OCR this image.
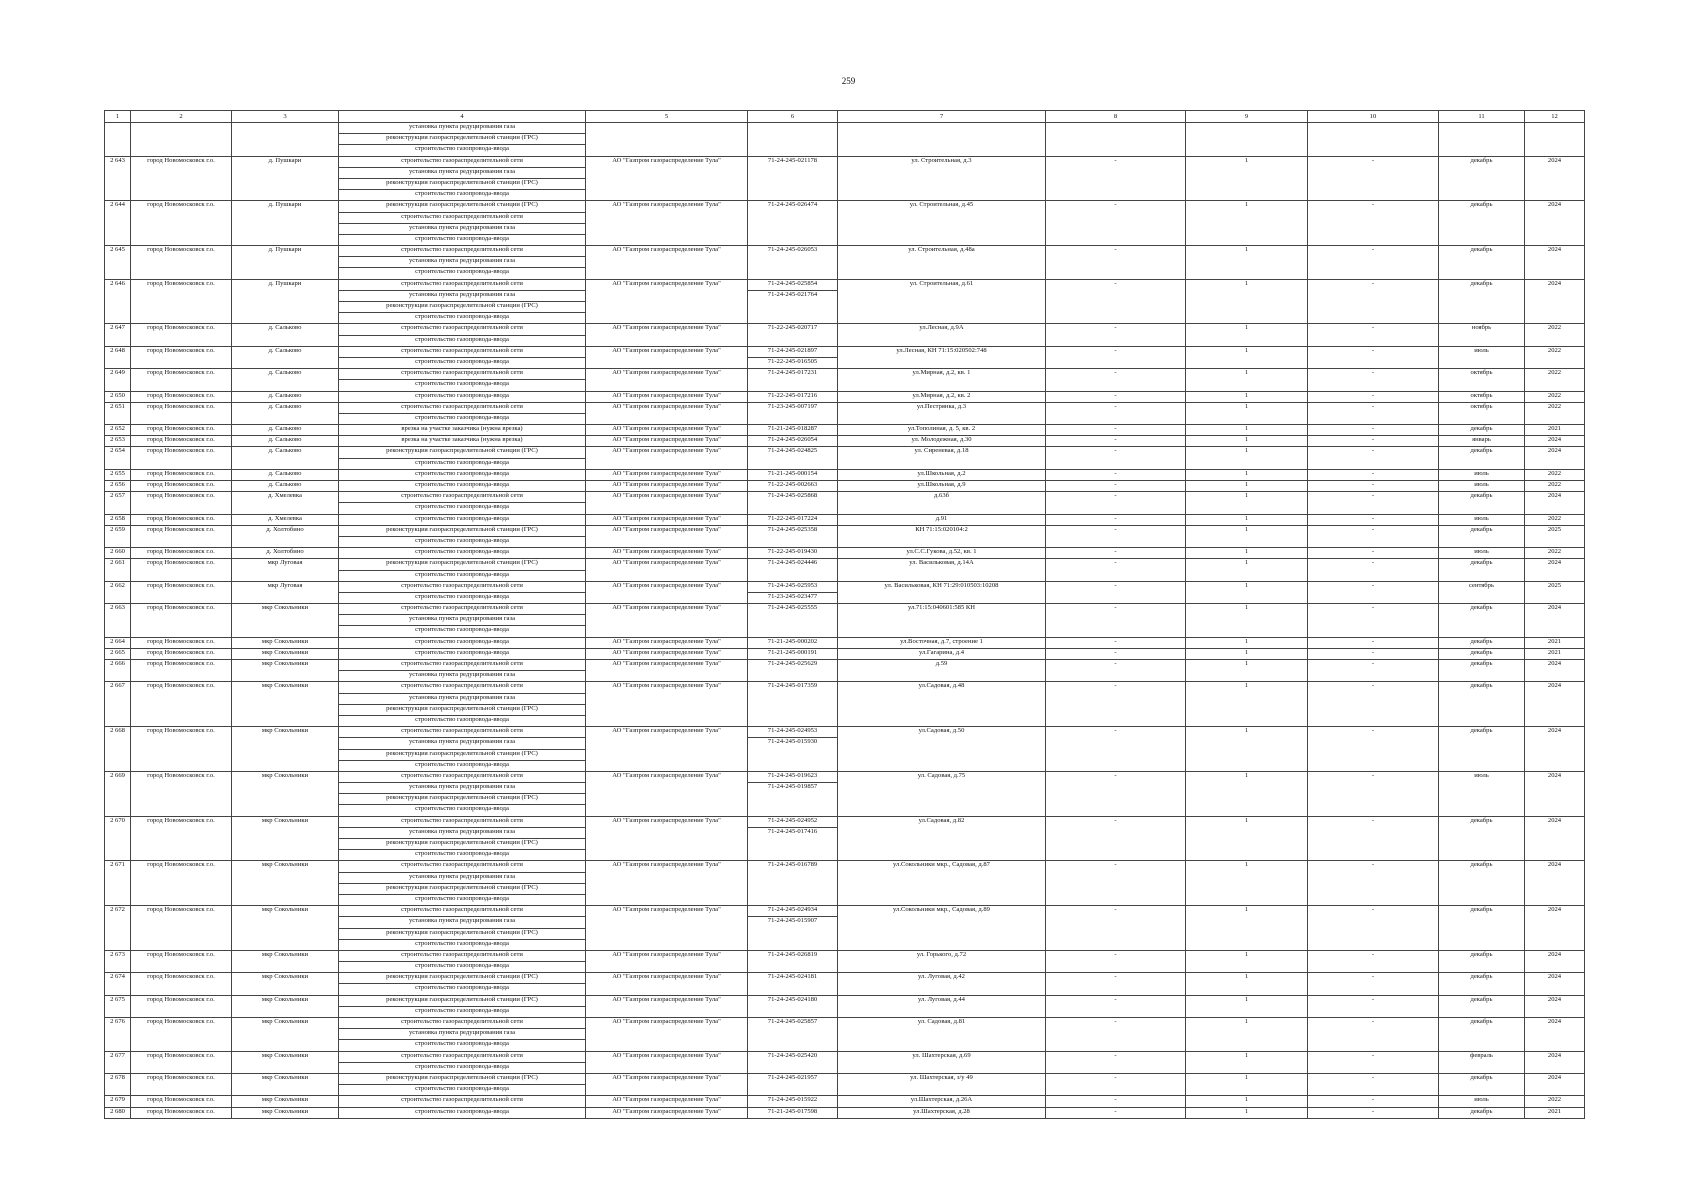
259
1	2	3	4	5	6	7	8	9	10	11	12

			установка пункта редуцирования газа
реконструкция газораспределительной станции (ГРС)
строительство газопровода-ввода								

2 643	город Новомосковск г.о.	д. Пушкари	строительство газораспределительной сети
установка пункта редуцирования газа
реконструкция газораспределительной станции (ГРС)
строительство газопровода-ввода	АО "Газпром газораспределение Тула"	71-24-245-021178	ул. Строительная, д.3	-	1	-	декабрь	2024
2 644	город Новомосковск г.о.	д. Пушкари	реконструкция газораспределительной станции (ГРС)
строительство газораспределительной сети
установка пункта редуцирования газа
строительство газопровода-ввода	АО "Газпром газораспределение Тула"	71-24-245-026474	ул. Строительная, д.45	-	1	-	декабрь	2024
2 645	город Новомосковск г.о.	д. Пушкари	строительство газораспределительной сети
установка пункта редуцирования газа
строительство газопровода-ввода	АО "Газпром газораспределение Тула"	71-24-245-026053	ул. Строительная, д.48а	-	1	-	декабрь	2024
2 646	город Новомосковск г.о.	д. Пушкари	строительство газораспределительной сети
установка пункта редуцирования газа
реконструкция газораспределительной станции (ГРС)
строительство газопровода-ввода	АО "Газпром газораспределение Тула"	71-24-245-025854
71-24-245-021764	ул. Строительная, д.61	-	1	-	декабрь	2024
2 647	город Новомосковск г.о.	д. Сальково	строительство газораспределительной сети
строительство газопровода-ввода	АО "Газпром газораспределение Тула"	71-22-245-020717	ул.Лесная, д.9А	-	1	-	ноябрь	2022
2 648	город Новомосковск г.о.	д. Сальково	строительство газораспределительной сети
строительство газопровода-ввода	АО "Газпром газораспределение Тула"	71-24-245-021897
71-22-245-016505	ул.Лесная, КН 71:15:020502:748	-	1	-	июль	2022
2 649	город Новомосковск г.о.	д. Сальково	строительство газораспределительной сети
строительство газопровода-ввода	АО "Газпром газораспределение Тула"	71-24-245-017231	ул.Мирная, д.2, кв. 1	-	1	-	октябрь	2022
2 650	город Новомосковск г.о.	д. Сальково	строительство газопровода-ввода	АО "Газпром газораспределение Тула"	71-22-245-017216	ул.Мирная, д.2, кв. 2	-	1	-	октябрь	2022
2 651	город Новомосковск г.о.	д. Сальково	строительство газораспределительной сети
строительство газопровода-ввода	АО "Газпром газораспределение Тула"	71-23-245-007197	ул.Пестрянка, д.3	-	1	-	октябрь	2022
2 652	город Новомосковск г.о.	д. Сальково	врезка на участке заказчика (нужна врезка)	АО "Газпром газораспределение Тула"	71-21-245-018287	ул.Тополиная, д. 5, кв. 2	-	1	-	декабрь	2021
2 653	город Новомосковск г.о.	д. Сальково	врезка на участке заказчика (нужна врезка)	АО "Газпром газораспределение Тула"	71-24-245-026054	ул. Молодежная, д.30	-	1	-	январь	2024
2 654	город Новомосковск г.о.	д. Сальково	реконструкция газораспределительной станции (ГРС)
строительство газопровода-ввода	АО "Газпром газораспределение Тула"	71-24-245-024825	ул. Сиреневая, д.18	-	1	-	декабрь	2024
2 655	город Новомосковск г.о.	д. Сальково	строительство газопровода-ввода	АО "Газпром газораспределение Тула"	71-21-245-000154	ул.Школьная, д.2	-	1	-	июль	2022
2 656	город Новомосковск г.о.	д. Сальково	строительство газопровода-ввода	АО "Газпром газораспределение Тула"	71-22-245-002663	ул.Школьная, д.9	-	1	-	июль	2022
2 657	город Новомосковск г.о.	д. Хмелевка	строительство газораспределительной сети
строительство газопровода-ввода	АО "Газпром газораспределение Тула"	71-24-245-025868	д.63б	-	1	-	декабрь	2024
2 658	город Новомосковск г.о.	д. Хмелевка	строительство газопровода-ввода	АО "Газпром газораспределение Тула"	71-22-245-017224	д.91	-	1	-	июль	2022
2 659	город Новомосковск г.о.	д. Холтобино	реконструкция газораспределительной станции (ГРС)
строительство газопровода-ввода	АО "Газпром газораспределение Тула"	71-24-245-025358	КН 71:15:020104:2	-	1	-	декабрь	2025
2 660	город Новомосковск г.о.	д. Холтобино	строительство газопровода-ввода	АО "Газпром газораспределение Тула"	71-22-245-019430	ул.С.С.Гукова, д.52, кв. 1	-	1	-	июль	2022
2 661	город Новомосковск г.о.	мкр Луговая	реконструкция газораспределительной станции (ГРС)
строительство газопровода-ввода	АО "Газпром газораспределение Тула"	71-24-245-024446	ул. Васильковая, д.14А	-	1	-	декабрь	2024
2 662	город Новомосковск г.о.	мкр Луговая	строительство газораспределительной сети
строительство газопровода-ввода	АО "Газпром газораспределение Тула"	71-24-245-025953
71-23-245-023477	ул. Васильковая, КН 71:29:010503:10208	-	1	-	сентябрь	2025
2 663	город Новомосковск г.о.	мкр Сокольники	строительство газораспределительной сети
установка пункта редуцирования газа
строительство газопровода-ввода	АО "Газпром газораспределение Тула"	71-24-245-025555	ул.71:15:040601:585 КН	-	1	-	декабрь	2024
2 664	город Новомосковск г.о.	мкр Сокольники	строительство газопровода-ввода	АО "Газпром газораспределение Тула"	71-21-245-000202	ул.Восточная, д.7, строение 1	-	1	-	декабрь	2021
2 665	город Новомосковск г.о.	мкр Сокольники	строительство газопровода-ввода	АО "Газпром газораспределение Тула"	71-21-245-000191	ул.Гагарина, д.4	-	1	-	декабрь	2021
2 666	город Новомосковск г.о.	мкр Сокольники	строительство газораспределительной сети
установка пункта редуцирования газа	АО "Газпром газораспределение Тула"	71-24-245-025629	д.59	-	1	-	декабрь	2024
2 667	город Новомосковск г.о.	мкр Сокольники	строительство газораспределительной сети
установка пункта редуцирования газа
реконструкция газораспределительной станции (ГРС)
строительство газопровода-ввода	АО "Газпром газораспределение Тула"	71-24-245-017359	ул.Садовая, д.48	-	1	-	декабрь	2024
2 668	город Новомосковск г.о.	мкр Сокольники	строительство газораспределительной сети
установка пункта редуцирования газа
реконструкция газораспределительной станции (ГРС)
строительство газопровода-ввода	АО "Газпром газораспределение Тула"	71-24-245-024953
71-24-245-015930	ул.Садовая, д.50	-	1	-	декабрь	2024
2 669	город Новомосковск г.о.	мкр Сокольники	строительство газораспределительной сети
установка пункта редуцирования газа
реконструкция газораспределительной станции (ГРС)
строительство газопровода-ввода	АО "Газпром газораспределение Тула"	71-24-245-019623
71-24-245-019857	ул. Садовая, д.75	-	1	-	июль	2024
2 670	город Новомосковск г.о.	мкр Сокольники	строительство газораспределительной сети
установка пункта редуцирования газа
реконструкция газораспределительной станции (ГРС)
строительство газопровода-ввода	АО "Газпром газораспределение Тула"	71-24-245-024952
71-24-245-017416	ул.Садовая, д.82	-	1	-	декабрь	2024
2 671	город Новомосковск г.о.	мкр Сокольники	строительство газораспределительной сети
установка пункта редуцирования газа
реконструкция газораспределительной станции (ГРС)
строительство газопровода-ввода	АО "Газпром газораспределение Тула"	71-24-245-016789	ул.Сокольники мкр., Садовая, д.87	-	1	-	декабрь	2024
2 672	город Новомосковск г.о.	мкр Сокольники	строительство газораспределительной сети
установка пункта редуцирования газа
реконструкция газораспределительной станции (ГРС)
строительство газопровода-ввода	АО "Газпром газораспределение Тула"	71-24-245-024934
71-24-245-015907	ул.Сокольники мкр., Садовая, д.89	-	1	-	декабрь	2024
2 673	город Новомосковск г.о.	мкр Сокольники	строительство газораспределительной сети
строительство газопровода-ввода	АО "Газпром газораспределение Тула"	71-24-245-026819	ул. Горького, д.72	-	1	-	декабрь	2024
2 674	город Новомосковск г.о.	мкр Сокольники	реконструкция газораспределительной станции (ГРС)
строительство газопровода-ввода	АО "Газпром газораспределение Тула"	71-24-245-024181	ул. Луговая, д.42	-	1	-	декабрь	2024
2 675	город Новомосковск г.о.	мкр Сокольники	реконструкция газораспределительной станции (ГРС)
строительство газопровода-ввода	АО "Газпром газораспределение Тула"	71-24-245-024180	ул. Луговая, д.44	-	1	-	декабрь	2024
2 676	город Новомосковск г.о.	мкр Сокольники	строительство газораспределительной сети
установка пункта редуцирования газа
строительство газопровода-ввода	АО "Газпром газораспределение Тула"	71-24-245-025857	ул. Садовая, д.81	-	1	-	декабрь	2024
2 677	город Новомосковск г.о.	мкр Сокольники	строительство газораспределительной сети
строительство газопровода-ввода	АО "Газпром газораспределение Тула"	71-24-245-025420	ул. Шахтерская, д.69	-	1	-	февраль	2024
2 678	город Новомосковск г.о.	мкр Сокольники	реконструкция газораспределительной станции (ГРС)
строительство газопровода-ввода	АО "Газпром газораспределение Тула"	71-24-245-021957	ул. Шахтерская, з/у 49	-	1	-	декабрь	2024
2 679	город Новомосковск г.о.	мкр Сокольники	строительство газораспределительной сети	АО "Газпром газораспределение Тула"	71-24-245-015922	ул.Шахтерская, д.26А	-	1	-	июль	2022
2 680	город Новомосковск г.о.	мкр Сокольники	строительство газопровода-ввода	АО "Газпром газораспределение Тула"	71-21-245-017598	ул.Шахтерская, д.28	-	1	-	декабрь	2021
